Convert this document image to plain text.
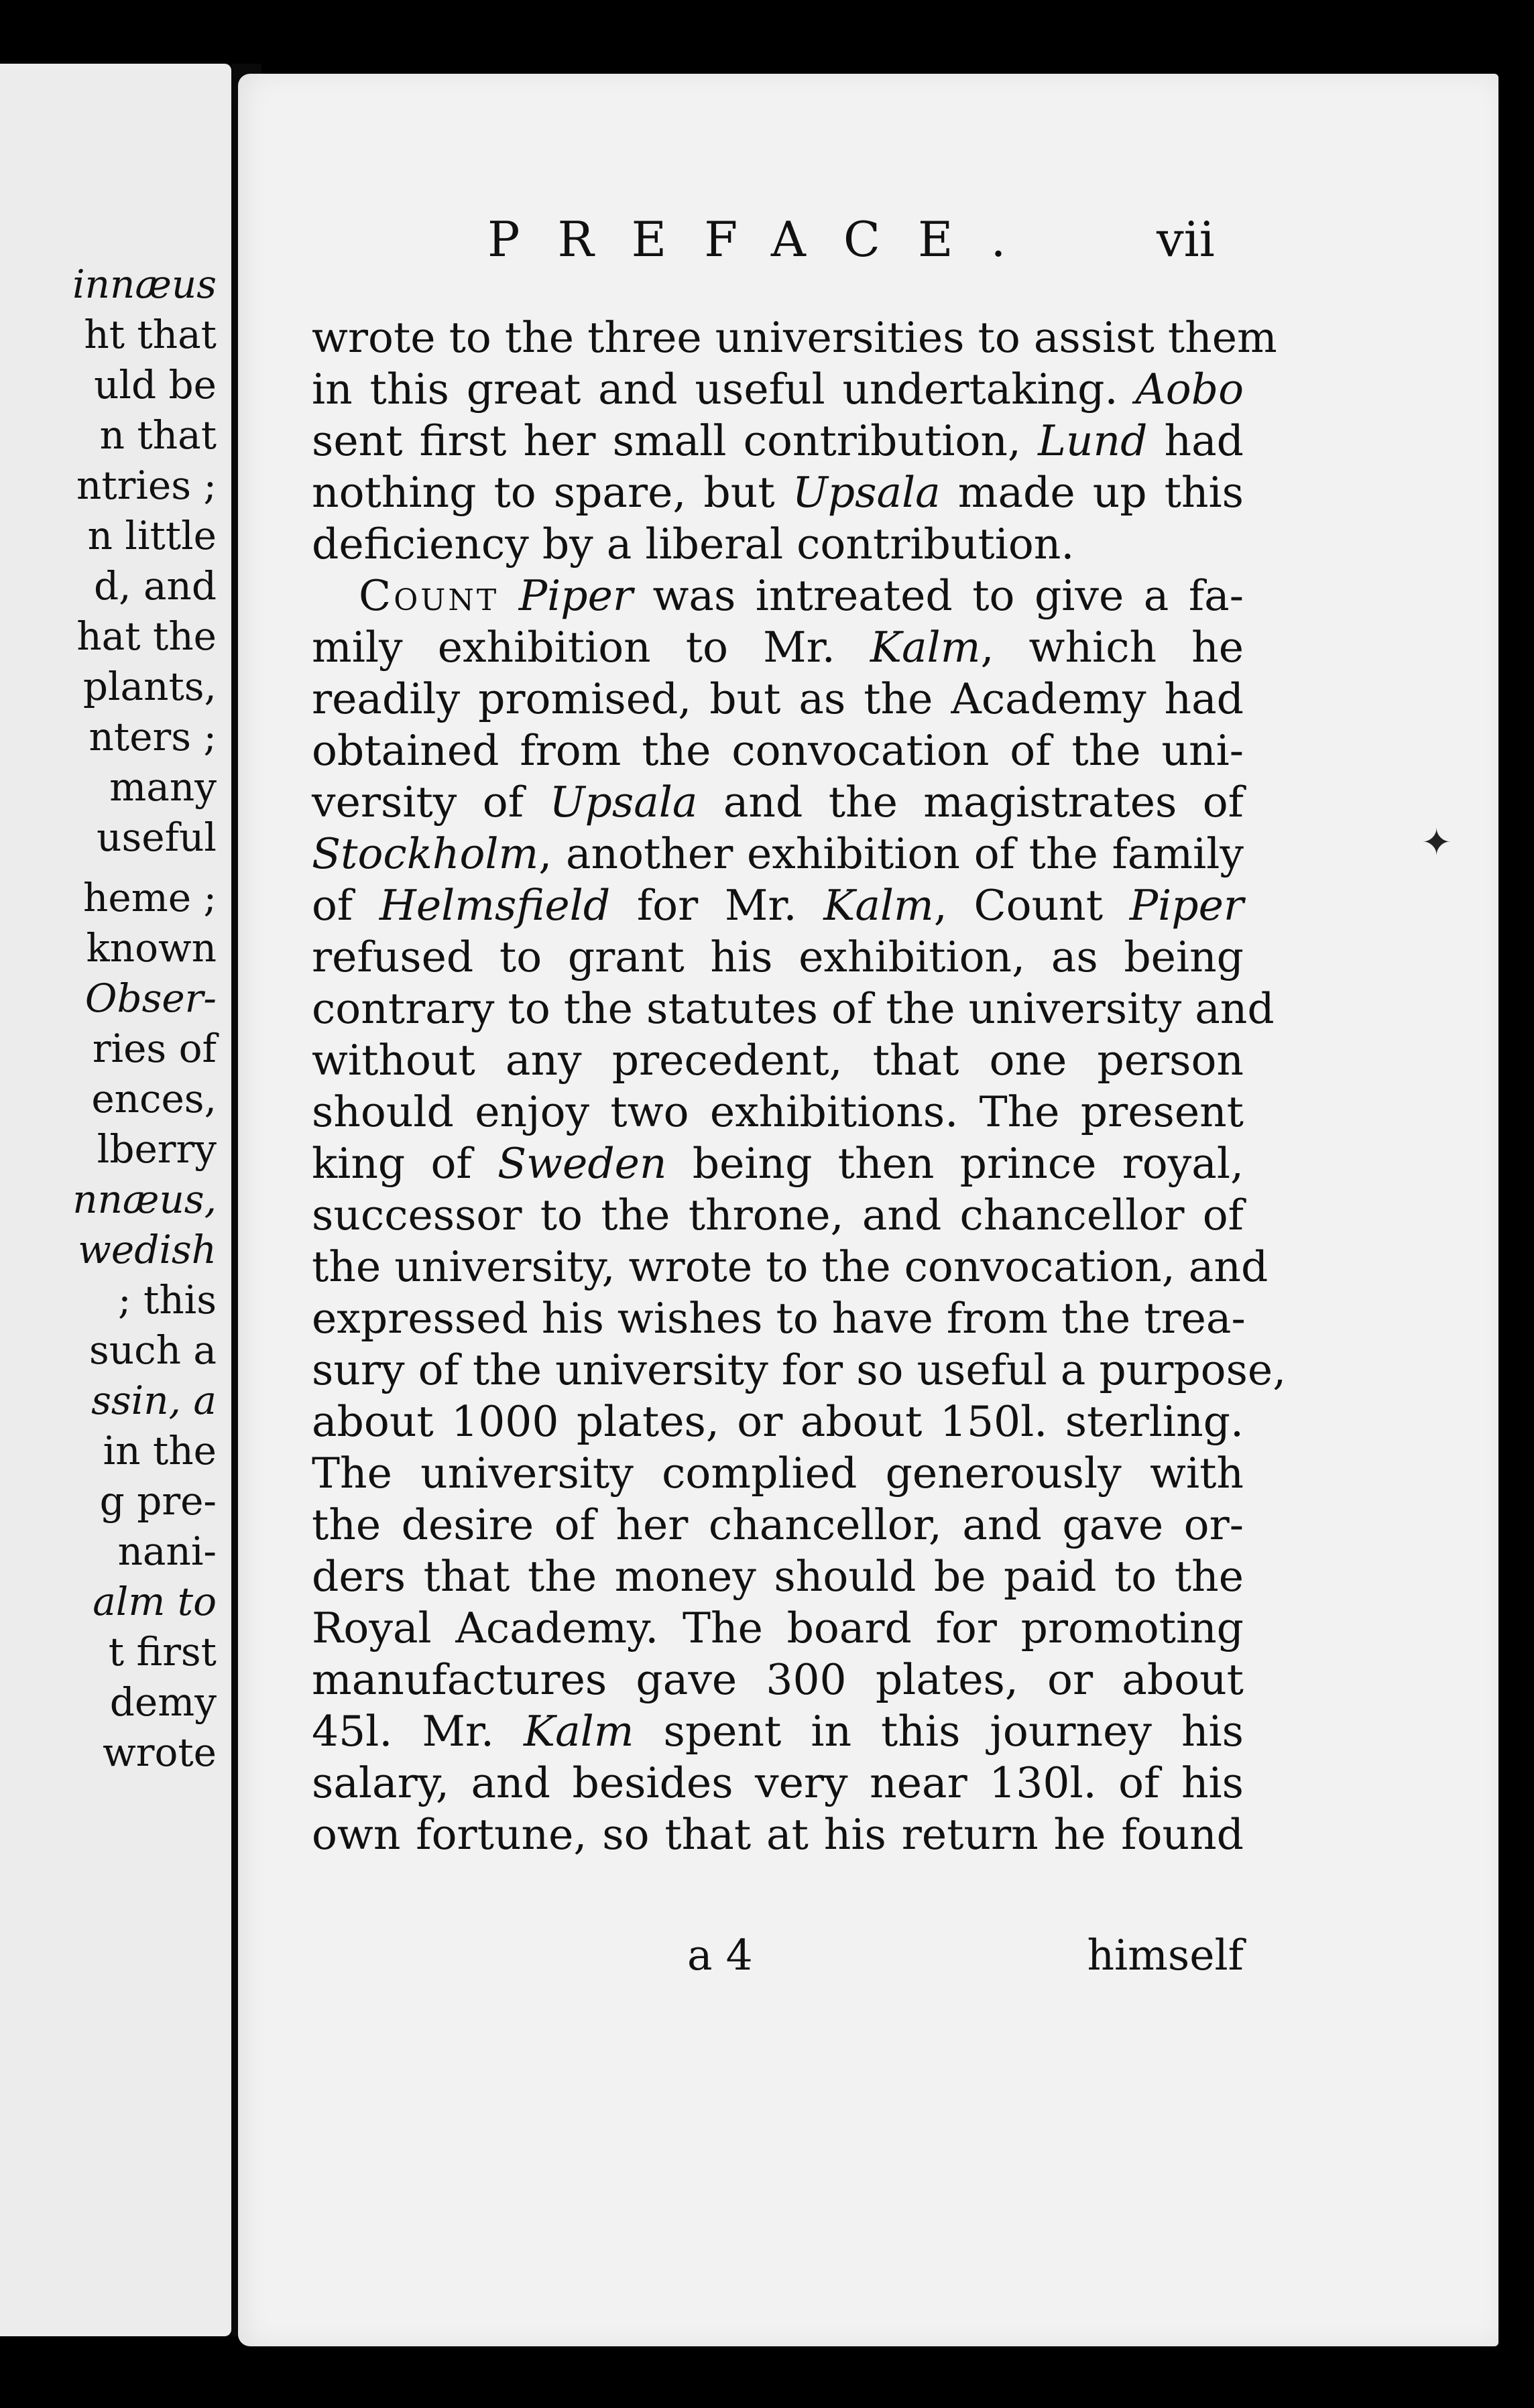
innæus
ht that
uld be
n that
ntries ;
n little
d, and
hat the
plants,
nters ;
many
useful
heme ;
known
Obser-
ries of
ences,
lberry
nnæus,
wedish
; this
such a
ssin, a
in the
g pre-
nani-
alm to
t first
demy
wrote
PREFACE. vii
wrote to the three universities to assist them
in this great and useful undertaking. Aobo
sent first her small contribution, Lund had
nothing to spare, but Upsala made up this
deficiency by a liberal contribution.
Count Piper was intreated to give a fa-
mily exhibition to Mr. Kalm, which he
readily promised, but as the Academy had
obtained from the convocation of the uni-
versity of Upsala and the magistrates of
Stockholm, another exhibition of the family
of Helmsfield for Mr. Kalm, Count Piper
refused to grant his exhibition, as being
contrary to the statutes of the university and
without any precedent, that one person
should enjoy two exhibitions. The present
king of Sweden being then prince royal,
successor to the throne, and chancellor of
the university, wrote to the convocation, and
expressed his wishes to have from the trea-
sury of the university for so useful a purpose,
about 1000 plates, or about 150l. sterling.
The university complied generously with
the desire of her chancellor, and gave or-
ders that the money should be paid to the
Royal Academy. The board for promoting
manufactures gave 300 plates, or about
45l. Mr. Kalm spent in this journey his
salary, and besides very near 130l. of his
own fortune, so that at his return he found
a 4	himself
✦
